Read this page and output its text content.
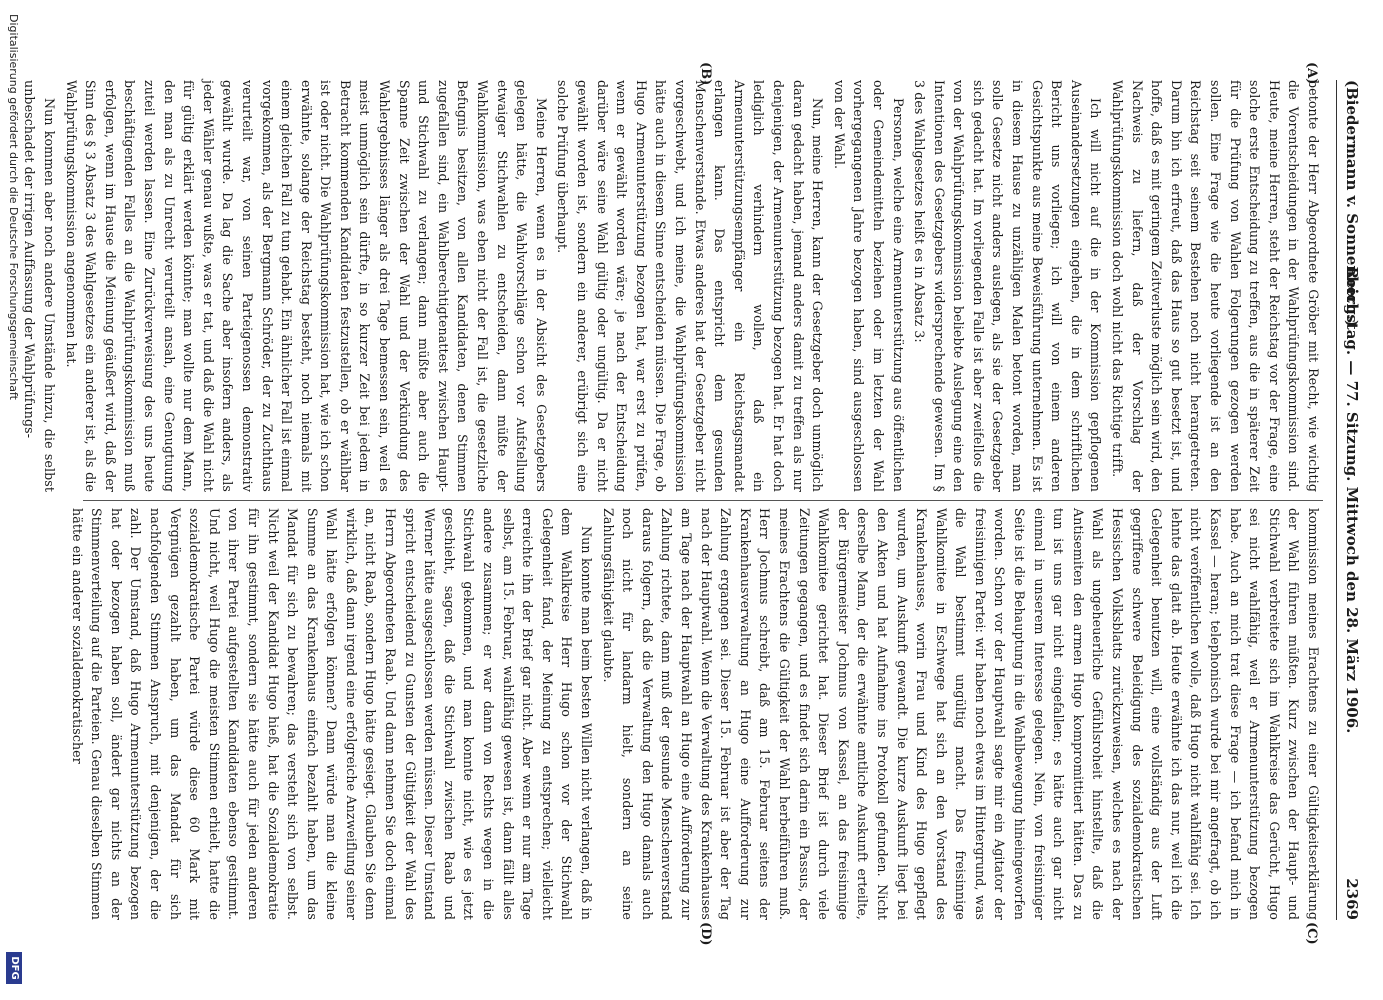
(Biedermann v. Sonnenberg.)
Reichstag. — 77. Sitzung. Mittwoch den 28. März 1906.
2369
(A)
(B)
(C)
(D)

betonte der Herr Abgeordnete Gröber mit Recht, wie wichtig die Vorentscheidungen in der Wahlprüfungskommission sind. Heute, meine Herren, steht der Reichstag vor der Frage, eine solche erste Entscheidung zu treffen, aus die in späterer Zeit für die Prüfung von Wahlen Folgerungen gezogen werden sollen. Eine Frage wie die heute vorliegende ist an den Reichstag seit seinem Bestehen noch nicht herangetreten. Darum bin ich erfreut, daß das Haus so gut besetzt ist, und hoffe, daß es mit geringem Zeitverluste möglich sein wird, den Nachweis zu liefern, daß der Vorschlag der Wahlprüfungskommission doch wohl nicht das Richtige trifft.

Ich will nicht auf die in der Kommission gepflogenen Auseinandersetzungen eingehen, die in dem schriftlichen Bericht uns vorliegen; ich will von einem anderen Gesichtspunkte aus meine Beweisführung unternehmen. Es ist in diesem Hause zu unzähligen Malen betont worden, man solle Gesetze nicht anders auslegen, als sie der Gesetzgeber sich gedacht hat. Im vorliegenden Falle ist aber zweifellos die von der Wahlprüfungskommission beliebte Auslegung eine den Intentionen des Gesetzgebers widersprechende gewesen. Im § 3 des Wahlgesetzes heißt es in Absatz 3:

Personen, welche eine Armenunterstützung aus öffentlichen oder Gemeindemitteln beziehen oder im letzten der Wahl vorhergegangenen Jahre bezogen haben, sind ausgeschlossen von der Wahl.

Nun, meine Herren, kann der Gesetzgeber doch unmöglich daran gedacht haben, jemand anders damit zu treffen als nur denjenigen, der Armenunterstützung bezogen hat. Er hat doch lediglich verhindern wollen, daß ein Armenunterstützungsempfänger ein Reichstagsmandat erlangen kann. Das entspricht dem gesunden Menschenverstande. Etwas anderes hat der Gesetzgeber nicht vorgeschwebt, und ich meine, die Wahlprüfungskommission hätte auch in diesem Sinne entscheiden müssen. Die Frage, ob Hugo Armenunterstützung bezogen hat, war erst zu prüfen, wenn er gewählt worden wäre; je nach der Entscheidung darüber wäre seine Wahl gültig oder ungültig. Da er nicht gewählt worden ist, sondern ein anderer, erübrigt sich eine solche Prüfung überhaupt.

Meine Herren, wenn es in der Absicht des Gesetzgebers gelegen hätte, die Wahlvorschläge schon vor Aufstellung etwaiger Stichwahlen zu entscheiden, dann müßte der Wahlkommission, was eben nicht der Fall ist, die gesetzliche Befugnis besitzen, von allen Kandidaten, denen Stimmen zugefallen sind, ein Wahlberechtigtenattest zwischen Haupt- und Stichwahl zu verlangen; dann müßte aber auch die Spanne Zeit zwischen der Wahl und der Verkündung des Wahlergebnisses länger als drei Tage bemessen sein, weil es meist unmöglich sein dürfte, in so kurzer Zeit bei jedem in Betracht kommenden Kandidaten festzustellen, ob er wählbar ist oder nicht. Die Wahlprüfungskommission hat, wie ich schon erwähnte, solange der Reichstag besteht, noch niemals mit einem gleichen Fall zu tun gehabt. Ein ähnlicher Fall ist einmal vorgekommen, als der Bergmann Schröder, der zu Zuchthaus verurteilt war, von seinen Parteigenossen demonstrativ gewählt wurde. Da lag die Sache aber insofern anders, als jeder Wähler genau wußte, was er tat, und daß die Wahl nicht für gültig erklärt werden könnte; man wollte nur dem Mann, den man als zu Unrecht verurteilt ansah, eine Genugtuung zuteil werden lassen. Eine Zurückverweisung des uns heute beschäftigenden Falles an die Wahlprüfungskommission muß erfolgen, wenn im Hause die Meinung geäußert wird, daß der Sinn des § 3 Absatz 3 des Wahlgesetzes ein anderer ist, als die Wahlprüfungskommission angenommen hat.

Nun kommen aber noch andere Umstände hinzu, die selbst unbeschadet der irrigen Auffassung der Wahlprüfungs-

kommission meines Erachtens zu einer Gültigkeitserklärung der Wahl führen müßten. Kurz zwischen der Haupt- und Stichwahl verbreitete sich im Wahlkreise das Gerücht, Hugo sei nicht wahlfähig, weil er Armenunterstützung bezogen habe. Auch an mich trat diese Frage — ich befand mich in Kassel — heran; telephonisch wurde bei mir angefragt, ob ich nicht veröffentlichen wolle, daß Hugo nicht wahlfähig sei. Ich lehnte das glatt ab. Heute erwähnte ich das nur, weil ich die Gelegenheit benutzen will, eine vollständig aus der Luft gegriffene schwere Beleidigung des sozialdemokratischen Hessischen Volksblatts zurückzuweisen, welches es nach der Wahl als ungeheuerliche Gefühlsroheit hinstellte, daß die Antisemiten den armen Hugo kompromittiert hätten. Das zu tun ist uns gar nicht eingefallen; es hätte auch gar nicht einmal in unserem Interesse gelegen. Nein, von freisinniger Seite ist die Behauptung in die Wahlbewegung hineingeworfen worden. Schon vor der Hauptwahl sagte mir ein Agitator der freisinnigen Partei: wir haben noch etwas im Hintergrund, was die Wahl bestimmt ungültig macht. Das freisinnige Wahlkomitee in Eschwege hat sich an den Vorstand des Krankenhauses, worin Frau und Kind des Hugo gepflegt wurden, um Auskunft gewandt. Die kurze Auskunft liegt bei den Akten und hat Aufnahme ins Protokoll gefunden. Nicht derselbe Mann, der die erwähnte amtliche Auskunft erteilte, der Bürgermeister Jochmus von Kassel, an das freisinnige Wahlkomitee gerichtet hat. Dieser Brief ist durch viele Zeitungen gegangen, und es findet sich darin ein Passus, der meines Erachtens die Gültigkeit der Wahl herbeiführen muß. Herr Jochmus schreibt, daß am 15. Februar seitens der Krankenhausverwaltung an Hugo eine Aufforderung zur Zahlung ergangen sei. Dieser 15. Februar ist aber der Tag nach der Hauptwahl. Wenn die Verwaltung des Krankenhauses am Tage nach der Hauptwahl an Hugo eine Aufforderung zur Zahlung richtete, dann muß der gesunde Menschenverstand daraus folgern, daß die Verwaltung den Hugo damals auch noch nicht für landarm hielt, sondern an seine Zahlungsfähigkeit glaubte.

Nun konnte man beim besten Willen nicht verlangen, daß in dem Wahlkreise Herr Hugo schon vor der Stichwahl Gelegenheit fand, der Meinung zu entsprechen; vielleicht erreichte ihn der Brief gar nicht. Aber wenn er nur am Tage selbst, am 15. Februar, wahlfähig gewesen ist, dann fällt alles andere zusammen; er war dann von Rechts wegen in die Stichwahl gekommen, und man konnte nicht, wie es jetzt geschieht, sagen, daß die Stichwahl zwischen Raab und Werner hätte ausgeschlossen werden müssen. Dieser Umstand spricht entscheidend zu Gunsten der Gültigkeit der Wahl des Herrn Abgeordneten Raab. Und dann nehmen Sie doch einmal an, nicht Raab, sondern Hugo hätte gesiegt. Glauben Sie denn wirklich, daß dann irgend eine erfolgreiche Anzweiflung seiner Wahl hätte erfolgen können? Dann würde man die kleine Summe an das Krankenhaus einfach bezahlt haben, um das Mandat für sich zu bewahren; das versteht sich von selbst. Nicht weil der Kandidat Hugo hieß, hat die Sozialdemokratie für ihn gestimmt, sondern sie hätte auch für jeden anderen von ihrer Partei aufgestellten Kandidaten ebenso gestimmt. Und nicht, weil Hugo die meisten Stimmen erhielt, hatte die sozialdemokratische Partei würde diese 60 Mark mit Vergnügen gezahlt haben, um das Mandat für sich nachfolgenden Stimmen Anspruch, mit denjenigen, der die zahl. Der Umstand, daß Hugo Armenunterstützung bezogen hat oder bezogen haben soll, ändert gar nichts an der Stimmenverteilung auf die Parteien. Genau dieselben Stimmen hätte ein anderer sozialdemokratischer

Digitalisierung gefördert durch die Deutsche Forschungsgemeinschaft
DFG
